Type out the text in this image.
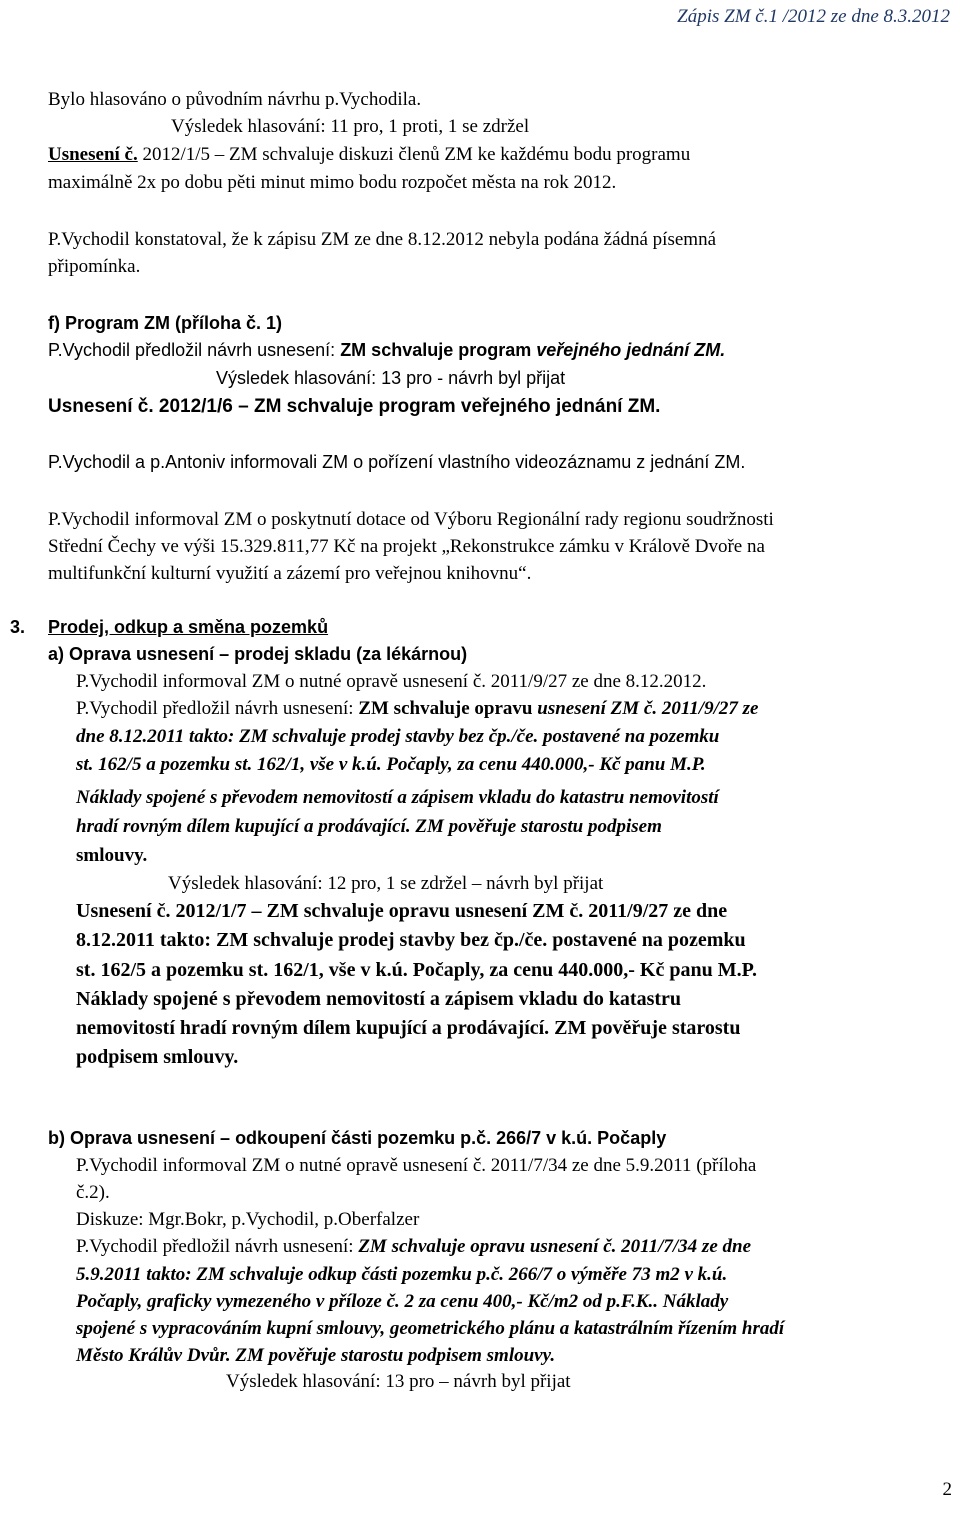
Zápis ZM č.1 /2012 ze dne 8.3.2012
Bylo hlasováno o původním návrhu p.Vychodila.
Výsledek hlasování: 11 pro, 1 proti, 1 se zdržel
Usnesení č. 2012/1/5 – ZM schvaluje diskuzi členů ZM ke každému bodu programu
maximálně 2x po dobu pěti minut mimo bodu rozpočet města na rok 2012.
P.Vychodil konstatoval, že k zápisu ZM ze dne 8.12.2012 nebyla podána žádná písemná
připomínka.
f) Program ZM (příloha č. 1)
P.Vychodil předložil návrh usnesení: ZM schvaluje program veřejného jednání ZM.
Výsledek hlasování: 13 pro - návrh byl přijat
Usnesení č. 2012/1/6 – ZM schvaluje program veřejného jednání ZM.
P.Vychodil a p.Antoniv informovali ZM o pořízení vlastního videozáznamu z jednání ZM.
P.Vychodil informoval ZM o poskytnutí dotace od Výboru Regionální rady regionu soudržnosti
Střední Čechy ve výši 15.329.811,77 Kč na projekt „Rekonstrukce zámku v Králově Dvoře na
multifunkční kulturní využití a zázemí pro veřejnou knihovnu“.
3. Prodej, odkup a směna pozemků
a) Oprava usnesení – prodej skladu (za lékárnou)
P.Vychodil informoval ZM o nutné opravě usnesení č. 2011/9/27 ze dne 8.12.2012.
P.Vychodil předložil návrh usnesení: ZM schvaluje opravu usnesení ZM č. 2011/9/27 ze
dne 8.12.2011 takto: ZM schvaluje prodej stavby bez čp./če. postavené na pozemku
st. 162/5 a pozemku st. 162/1, vše v k.ú. Počaply, za cenu 440.000,- Kč panu M.P.
Náklady spojené s převodem nemovitostí a zápisem vkladu do katastru nemovitostí
hradí rovným dílem kupující a prodávající. ZM pověřuje starostu podpisem
smlouvy.
Výsledek hlasování: 12 pro, 1 se zdržel – návrh byl přijat
Usnesení č. 2012/1/7 – ZM schvaluje opravu usnesení ZM č. 2011/9/27 ze dne
8.12.2011 takto: ZM schvaluje prodej stavby bez čp./če. postavené na pozemku
st. 162/5 a pozemku st. 162/1, vše v k.ú. Počaply, za cenu 440.000,- Kč panu M.P.
Náklady spojené s převodem nemovitostí a zápisem vkladu do katastru
nemovitostí hradí rovným dílem kupující a prodávající. ZM pověřuje starostu
podpisem smlouvy.
b) Oprava usnesení – odkoupení části pozemku p.č. 266/7 v k.ú. Počaply
P.Vychodil informoval ZM o nutné opravě usnesení č. 2011/7/34 ze dne 5.9.2011 (příloha
č.2).
Diskuze: Mgr.Bokr, p.Vychodil, p.Oberfalzer
P.Vychodil předložil návrh usnesení: ZM schvaluje opravu usnesení č. 2011/7/34 ze dne
5.9.2011 takto: ZM schvaluje odkup části pozemku p.č. 266/7 o výměře 73 m2 v k.ú.
Počaply, graficky vymezeného v příloze č. 2 za cenu 400,- Kč/m2 od p.F.K.. Náklady
spojené s vypracováním kupní smlouvy, geometrického plánu a katastrálním řízením hradí
Město Králův Dvůr. ZM pověřuje starostu podpisem smlouvy.
Výsledek hlasování: 13 pro – návrh byl přijat
2
